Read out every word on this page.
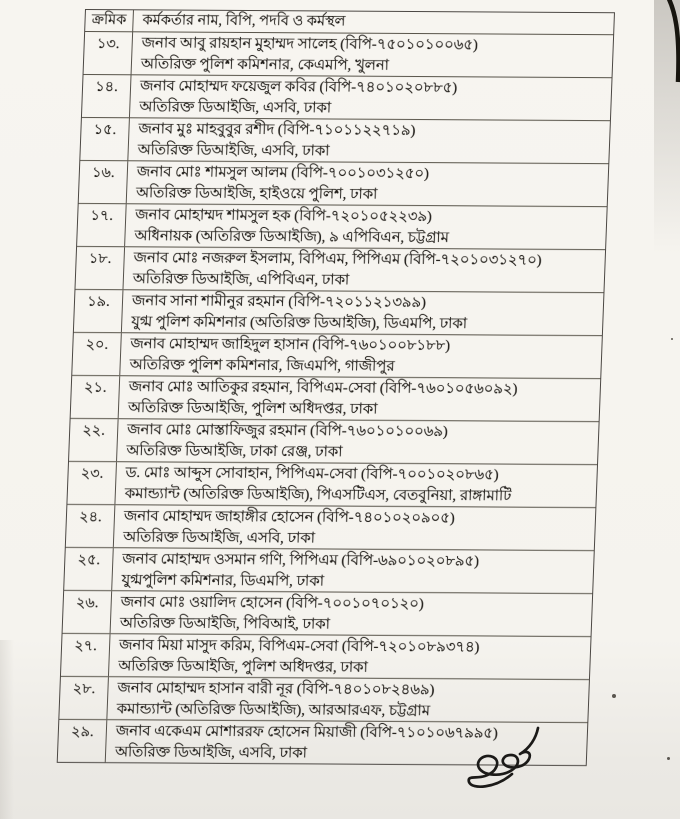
ক্রমিক	কর্মকর্তার নাম, বিপি, পদবি ও কর্মস্থল
১৩.	জনাব আবু রায়হান মুহাম্মদ সালেহ (বিপি-৭৫০১০১০০৬৫)
অতিরিক্ত পুলিশ কমিশনার, কেএমপি, খুলনা
১৪.	জনাব মোহাম্মদ ফয়েজুল কবির (বিপি-৭৪০১০২০৮৮৫)
অতিরিক্ত ডিআইজি, এসবি, ঢাকা
১৫.	জনাব মুঃ মাহবুবুর রশীদ (বিপি-৭১০১১২২৭১৯)
অতিরিক্ত ডিআইজি, এসবি, ঢাকা
১৬.	জনাব মোঃ শামসুল আলম (বিপি-৭০০১০৩১২৫০)
অতিরিক্ত ডিআইজি, হাইওয়ে পুলিশ, ঢাকা
১৭.	জনাব মোহাম্মদ শামসুল হক (বিপি-৭২০১০৫২২৩৯)
অধিনায়ক (অতিরিক্ত ডিআইজি), ৯ এপিবিএন, চট্টগ্রাম
১৮.	জনাব মোঃ নজরুল ইসলাম, বিপিএম, পিপিএম (বিপি-৭২০১০৩১২৭০)
অতিরিক্ত ডিআইজি, এপিবিএন, ঢাকা
১৯.	জনাব সানা শামীনুর রহমান (বিপি-৭২০১১২১৩৯৯)
যুগ্ম পুলিশ কমিশনার (অতিরিক্ত ডিআইজি), ডিএমপি, ঢাকা
২০.	জনাব মোহাম্মদ জাহিদুল হাসান (বিপি-৭৬০১০০৮১৮৮)
অতিরিক্ত পুলিশ কমিশনার, জিএমপি, গাজীপুর
২১.	জনাব মোঃ আতিকুর রহমান, বিপিএম-সেবা (বিপি-৭৬০১০৫৬০৯২)
অতিরিক্ত ডিআইজি, পুলিশ অধিদপ্তর, ঢাকা
২২.	জনাব মোঃ মোস্তাফিজুর রহমান (বিপি-৭৬০১০১০০৬৯)
অতিরিক্ত ডিআইজি, ঢাকা রেঞ্জ, ঢাকা
২৩.	ড. মোঃ আব্দুস সোবাহান, পিপিএম-সেবা (বিপি-৭০০১০২০৮৬৫)
কমান্ড্যান্ট (অতিরিক্ত ডিআইজি), পিএসটিএস, বেতবুনিয়া, রাঙ্গামাটি
২৪.	জনাব মোহাম্মদ জাহাঙ্গীর হোসেন (বিপি-৭৪০১০২০৯০৫)
অতিরিক্ত ডিআইজি, এসবি, ঢাকা
২৫.	জনাব মোহাম্মদ ওসমান গণি, পিপিএম (বিপি-৬৯০১০২০৮৯৫)
যুগ্মপুলিশ কমিশনার, ডিএমপি, ঢাকা
২৬.	জনাব মোঃ ওয়ালিদ হোসেন (বিপি-৭০০১০৭০১২০)
অতিরিক্ত ডিআইজি, পিবিআই, ঢাকা
২৭.	জনাব মিয়া মাসুদ করিম, বিপিএম-সেবা (বিপি-৭২০১০৮৯৩৭৪)
অতিরিক্ত ডিআইজি, পুলিশ অধিদপ্তর, ঢাকা
২৮.	জনাব মোহাম্মদ হাসান বারী নূর (বিপি-৭৪০১০৮২৪৬৯)
কমান্ড্যান্ট (অতিরিক্ত ডিআইজি), আরআরএফ, চট্টগ্রাম
২৯.	জনাব একেএম মোশাররফ হোসেন মিয়াজী (বিপি-৭১০১০৬৭৯৯৫)
অতিরিক্ত ডিআইজি, এসবি, ঢাকা
